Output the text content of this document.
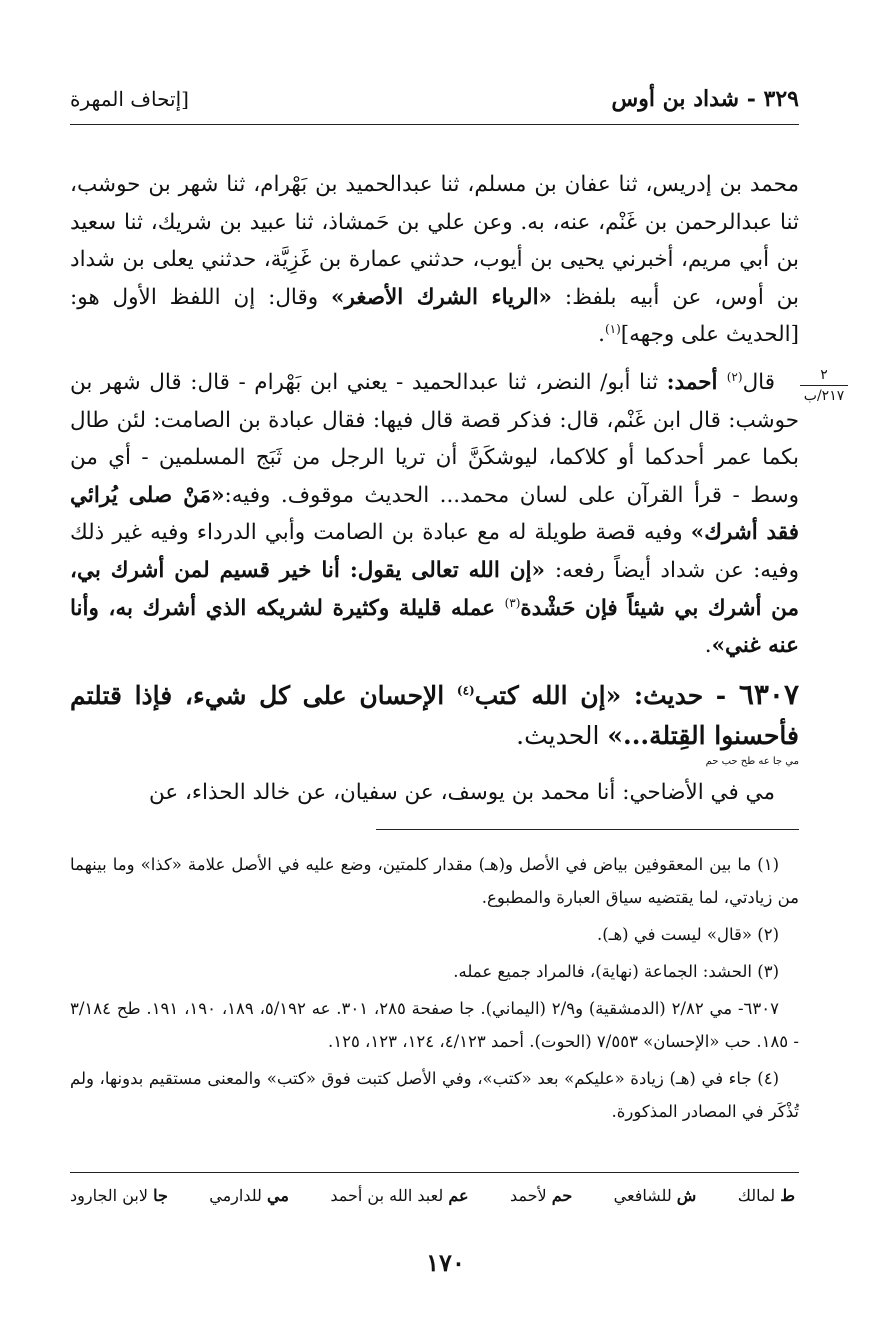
٣٢٩ - شداد بن أوس
[إتحاف المهرة
٢
٢١٧/ب

محمد بن إدريس، ثنا عفان بن مسلم، ثنا عبدالحميد بن بَهْرام، ثنا شهر بن حوشب، ثنا عبدالرحمن بن غَنْم، عنه، به. وعن علي بن حَمشاذ، ثنا عبيد بن شريك، ثنا سعيد بن أبي مريم، أخبرني يحيى بن أيوب، حدثني عمارة بن غَزِيَّة، حدثني يعلى بن شداد بن أوس، عن أبيه بلفظ: «الرياء الشرك الأصغر» وقال: إن اللفظ الأول هو: [الحديث على وجهه]$^{(١)}$.

قال$^{(٢)}$ أحمد: ثنا أبو/ النضر، ثنا عبدالحميد - يعني ابن بَهْرام - قال: قال شهر بن حوشب: قال ابن غَنْم، قال: فذكر قصة قال فيها: فقال عبادة بن الصامت: لئن طال بكما عمر أحدكما أو كلاكما، ليوشكَنَّ أن تريا الرجل من ثَبَج المسلمين - أي من وسط - قرأ القرآن على لسان محمد... الحديث موقوف. وفيه:«مَنْ صلى يُرائي فقد أشرك» وفيه قصة طويلة له مع عبادة بن الصامت وأبي الدرداء وفيه غير ذلك وفيه: عن شداد أيضاً رفعه: «إن الله تعالى يقول: أنا خير قسيم لمن أشرك بي، من أشرك بي شيئاً فإن حَشْدة$^{(٣)}$ عمله قليلة وكثيرة لشريكه الذي أشرك به، وأنا عنه غني».

٦٣٠٧ - حديث: «إن الله كتب$^{(٤)}$ الإحسان على كل شيء، فإذا قتلتم فأحسنوا القِتلة...» الحديث.
مي جا عه طح حب حم

مي في الأضاحي: أنا محمد بن يوسف، عن سفيان، عن خالد الحذاء، عن

(١) ما بين المعقوفين بياض في الأصل و(هـ) مقدار كلمتين، وضع عليه في الأصل علامة «كذا» وما بينهما من زيادتي، لما يقتضيه سياق العبارة والمطبوع.

(٢) «قال» ليست في (هـ).

(٣) الحشد: الجماعة (نهاية)، فالمراد جميع عمله.

٦٣٠٧- مي ٢/٨٢ (الدمشقية) و٢/٩ (اليماني). جا صفحة ٢٨٥، ٣٠١. عه ٥/١٩٢، ١٨٩، ١٩٠، ١٩١. طح ٣/١٨٤ - ١٨٥. حب «الإحسان» ٧/٥٥٣ (الحوت). أحمد ٤/١٢٣، ١٢٤، ١٢٣، ١٢٥.

(٤) جاء في (هـ) زيادة «عليكم» بعد «كتب»، وفي الأصل كتبت فوق «كتب» والمعنى مستقيم بدونها، ولم تُذْكَر في المصادر المذكورة.

ط لمالك
ش للشافعي
حم لأحمد
عم لعبد الله بن أحمد
مي للدارمي
جا لابن الجارود
١٧٠
